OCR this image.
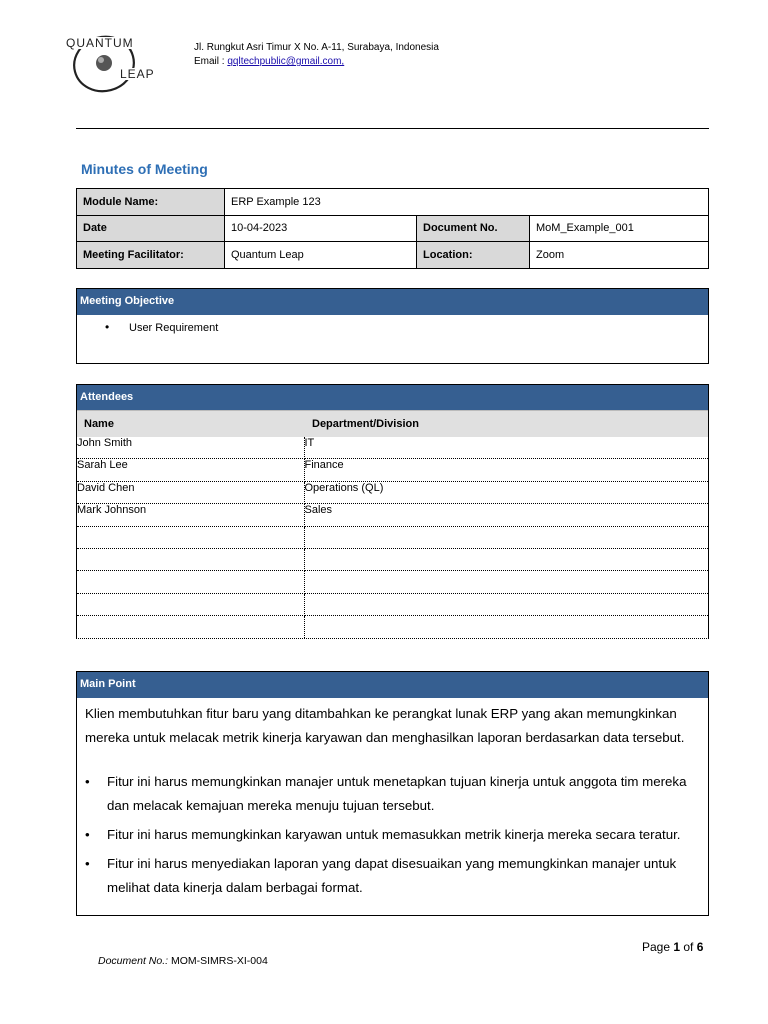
QUANTUM
LEAP
Jl. Rungkut Asri Timur X No. A-11, Surabaya, Indonesia
Email : qqltechpublic@gmail.com,
Minutes of Meeting
Module Name:	ERP Example 123		
Date	10-04-2023	Document No.	MoM_Example_001
Meeting Facilitator:	Quantum Leap	Location:	Zoom
Meeting Objective
• User Requirement
Attendees
Name	Department/Division
John Smith	IT
Sarah Lee	Finance
David Chen	Operations (QL)
Mark Johnson	Sales

Main Point

Klien membutuhkan fitur baru yang ditambahkan ke perangkat lunak ERP yang akan memungkinkan mereka untuk melacak metrik kinerja karyawan dan menghasilkan laporan berdasarkan data tersebut.

• Fitur ini harus memungkinkan manajer untuk menetapkan tujuan kinerja untuk anggota tim mereka dan melacak kemajuan mereka menuju tujuan tersebut.
• Fitur ini harus memungkinkan karyawan untuk memasukkan metrik kinerja mereka secara teratur.
• Fitur ini harus menyediakan laporan yang dapat disesuaikan yang memungkinkan manajer untuk melihat data kinerja dalam berbagai format.
Page 1 of 6
Document No.: MOM-SIMRS-XI-004
